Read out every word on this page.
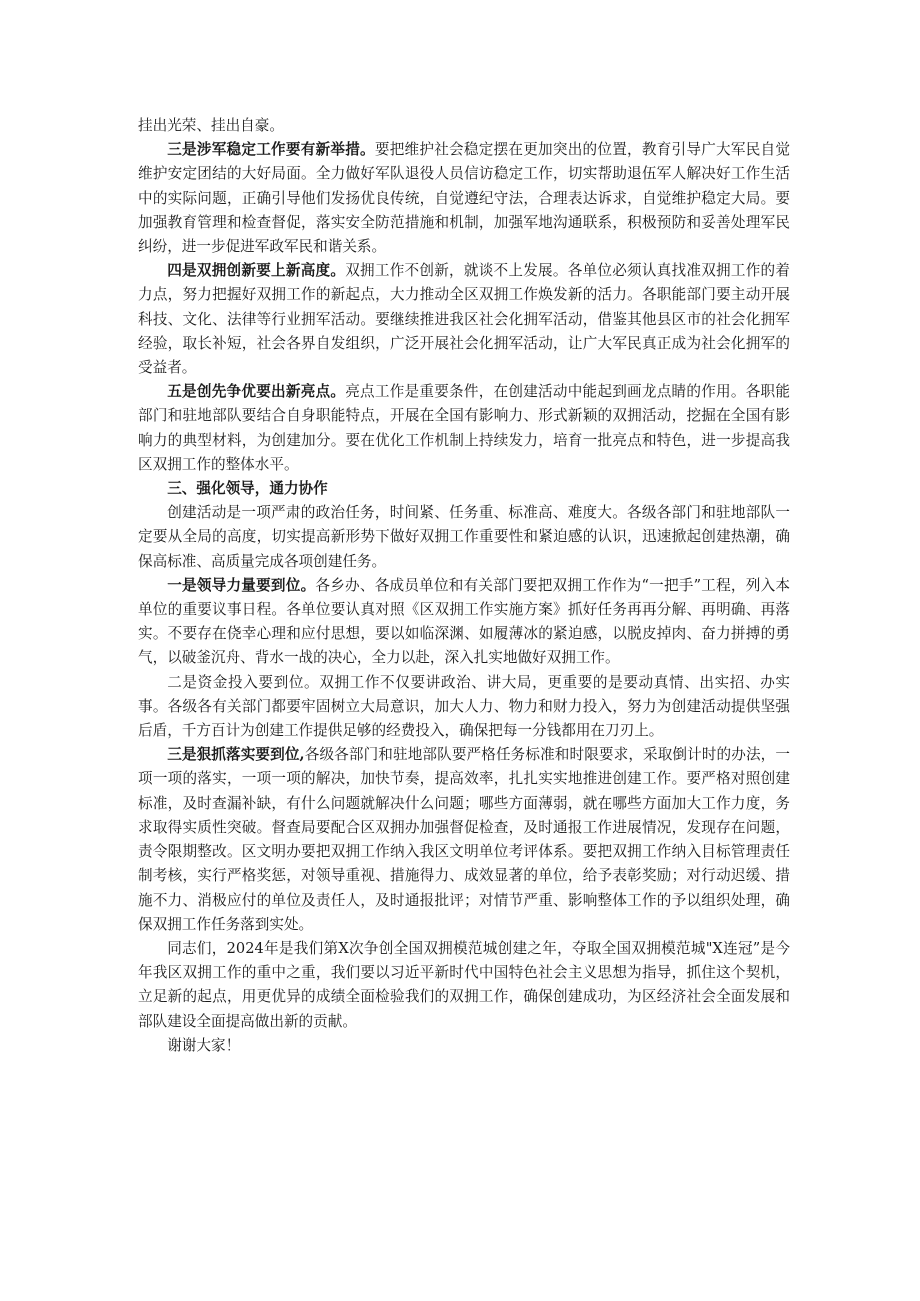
挂出光荣、挂出自豪。

三是涉军稳定工作要有新举措。要把维护社会稳定摆在更加突出的位置，教育引导广大军民自觉维护安定团结的大好局面。全力做好军队退役人员信访稳定工作，切实帮助退伍军人解决好工作生活中的实际问题，正确引导他们发扬优良传统，自觉遵纪守法，合理表达诉求，自觉维护稳定大局。要加强教育管理和检查督促，落实安全防范措施和机制，加强军地沟通联系，积极预防和妥善处理军民纠纷，进一步促进军政军民和谐关系。

四是双拥创新要上新高度。双拥工作不创新，就谈不上发展。各单位必须认真找准双拥工作的着力点，努力把握好双拥工作的新起点，大力推动全区双拥工作焕发新的活力。各职能部门要主动开展科技、文化、法律等行业拥军活动。要继续推进我区社会化拥军活动，借鉴其他县区市的社会化拥军经验，取长补短，社会各界自发组织，广泛开展社会化拥军活动，让广大军民真正成为社会化拥军的受益者。

五是创先争优要出新亮点。亮点工作是重要条件，在创建活动中能起到画龙点睛的作用。各职能部门和驻地部队要结合自身职能特点，开展在全国有影响力、形式新颖的双拥活动，挖掘在全国有影响力的典型材料，为创建加分。要在优化工作机制上持续发力，培育一批亮点和特色，进一步提高我区双拥工作的整体水平。

三、强化领导，通力协作

创建活动是一项严肃的政治任务，时间紧、任务重、标准高、难度大。各级各部门和驻地部队一定要从全局的高度，切实提高新形势下做好双拥工作重要性和紧迫感的认识，迅速掀起创建热潮，确保高标准、高质量完成各项创建任务。

一是领导力量要到位。各乡办、各成员单位和有关部门要把双拥工作作为“一把手”工程，列入本单位的重要议事日程。各单位要认真对照《区双拥工作实施方案》抓好任务再再分解、再明确、再落实。不要存在侥幸心理和应付思想，要以如临深渊、如履薄冰的紧迫感，以脱皮掉肉、奋力拼搏的勇气，以破釜沉舟、背水一战的决心，全力以赴，深入扎实地做好双拥工作。

二是资金投入要到位。双拥工作不仅要讲政治、讲大局，更重要的是要动真情、出实招、办实事。各级各有关部门都要牢固树立大局意识，加大人力、物力和财力投入，努力为创建活动提供坚强后盾，千方百计为创建工作提供足够的经费投入，确保把每一分钱都用在刀刃上。

三是狠抓落实要到位,各级各部门和驻地部队要严格任务标准和时限要求，采取倒计时的办法，一项一项的落实，一项一项的解决，加快节奏，提高效率，扎扎实实地推进创建工作。要严格对照创建标准，及时查漏补缺，有什么问题就解决什么问题；哪些方面薄弱，就在哪些方面加大工作力度，务求取得实质性突破。督查局要配合区双拥办加强督促检查，及时通报工作进展情况，发现存在问题，责令限期整改。区文明办要把双拥工作纳入我区文明单位考评体系。要把双拥工作纳入目标管理责任制考核，实行严格奖惩，对领导重视、措施得力、成效显著的单位，给予表彰奖励；对行动迟缓、措施不力、消极应付的单位及责任人，及时通报批评；对情节严重、影响整体工作的予以组织处理，确保双拥工作任务落到实处。

同志们，2024年是我们第X次争创全国双拥模范城创建之年，夺取全国双拥模范城"X连冠”是今年我区双拥工作的重中之重，我们要以习近平新时代中国特色社会主义思想为指导，抓住这个契机，立足新的起点，用更优异的成绩全面检验我们的双拥工作，确保创建成功，为区经济社会全面发展和部队建设全面提高做出新的贡献。

谢谢大家！
